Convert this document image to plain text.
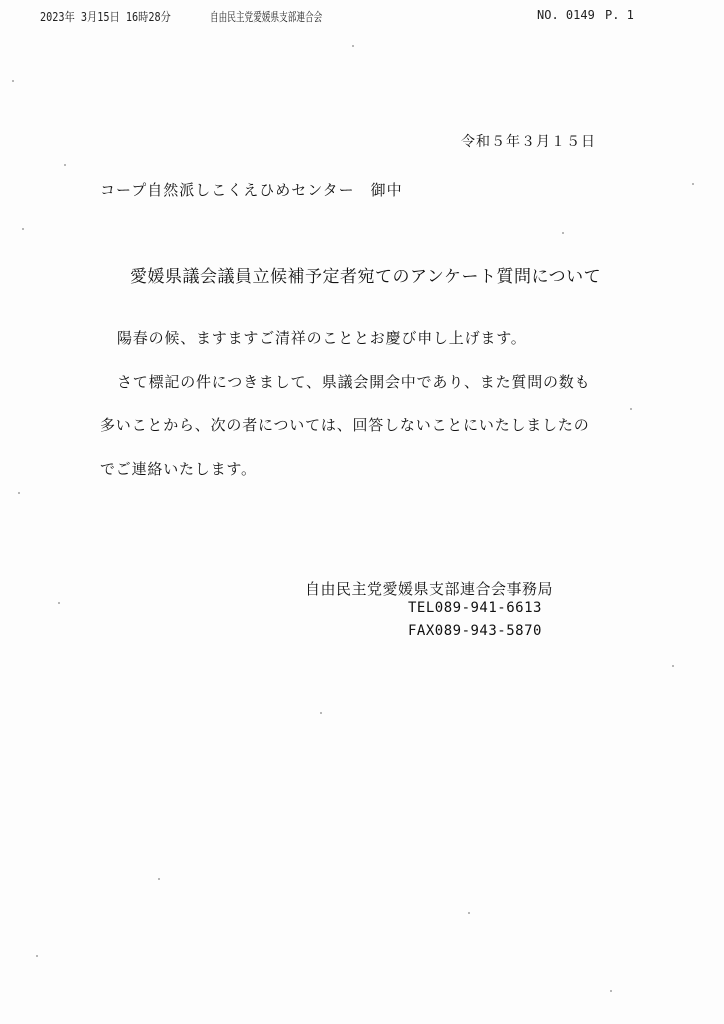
2023年 3月15日 16時28分	自由民主党愛媛県支部連合会	NO. 0149 P. 1
令和５年３月１５日
コープ自然派しこくえひめセンター　御中
愛媛県議会議員立候補予定者宛てのアンケート質問について
陽春の候、ますますご清祥のこととお慶び申し上げます。
さて標記の件につきまして、県議会開会中であり、また質問の数も
多いことから、次の者については、回答しないことにいたしましたの
でご連絡いたします。
自由民主党愛媛県支部連合会事務局
TEL089-941-6613
FAX089-943-5870
